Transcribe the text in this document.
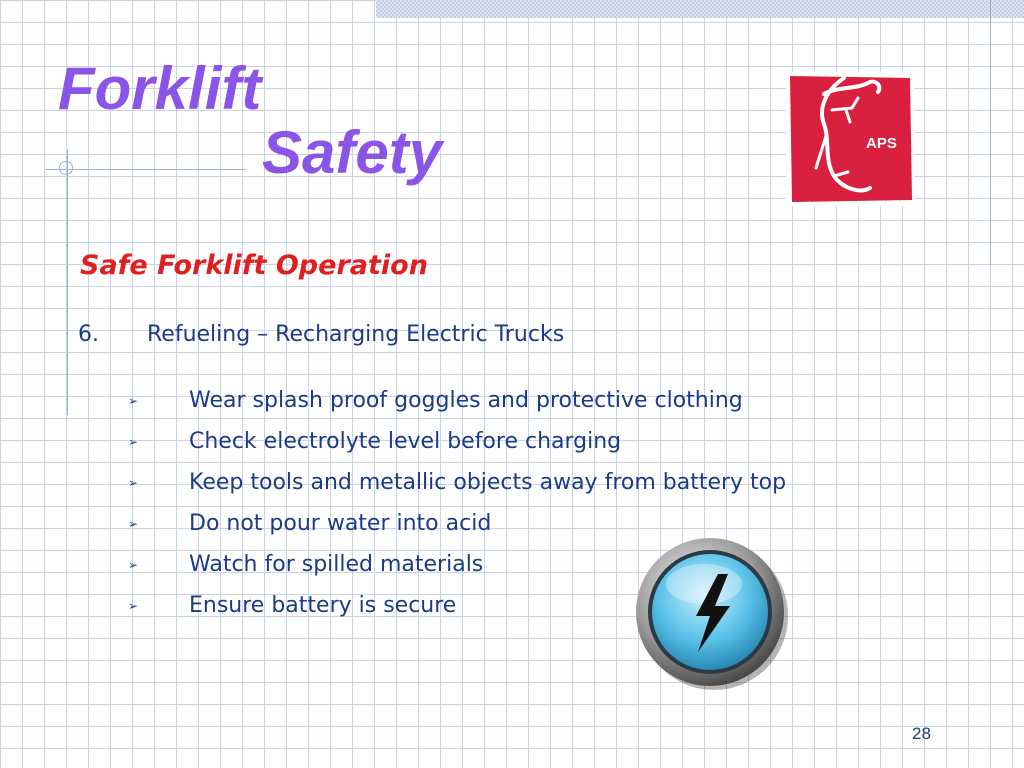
Forklift
Safety	APS
Safe Forklift Operation
6. Refueling – Recharging Electric Trucks
➢ Wear splash proof goggles and protective clothing
➢ Check electrolyte level before charging
➢ Keep tools and metallic objects away from battery top
➢ Do not pour water into acid
➢ Watch for spilled materials
➢ Ensure battery is secure
28
